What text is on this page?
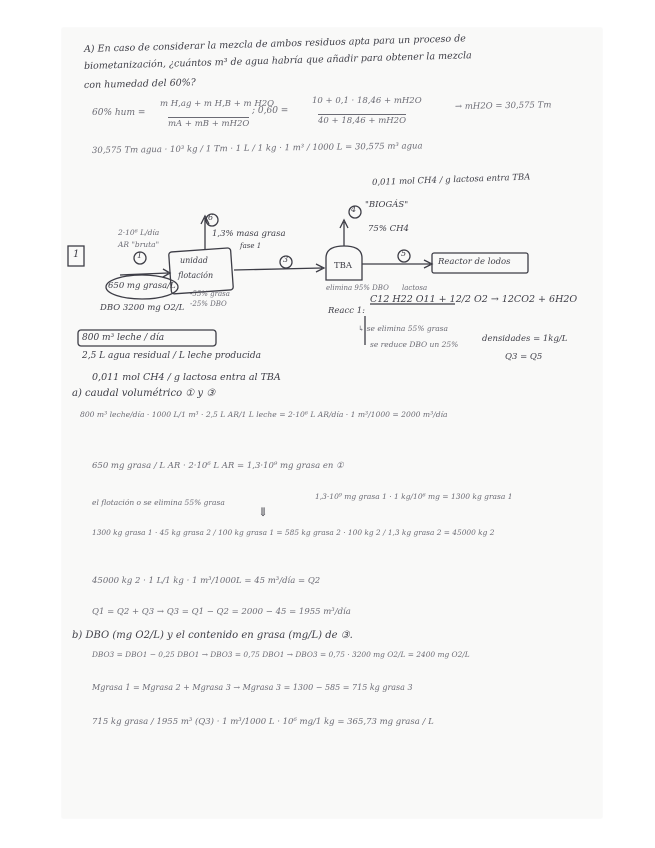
A) En caso de considerar la mezcla de ambos residuos apta para un proceso de
biometanización, ¿cuántos m³ de agua habría que añadir para obtener la mezcla
con humedad del 60%?
60% hum =
m H,ag + m H,B + m H2O
mA + mB + mH2O
; 0,60 =
10 + 0,1 · 18,46 + mH2O
40 + 18,46 + mH2O
→ mH2O = 30,575 Tm
30,575 Tm agua · 10³ kg / 1 Tm · 1 L / 1 kg · 1 m³ / 1000 L = 30,575 m³ agua
0,011 mol CH4 / g lactosa entra TBA
"BIOGÁS"
75% CH4
6
4
1	3
5
1,3% masa grasa
fase 1
unidad
flotación
-55% grasa
-25% DBO
TBA
elimina 95% DBO
Reactor de lodos
1
2·10⁶ L/día
AR "bruta"
650 mg grasa/L
DBO 3200 mg O2/L	Reacc 1:
lactosa
C12 H22 O11 + 12/2 O2 → 12CO2 + 6H2O
↳ se elimina 55% grasa
se reduce DBO un 25%
densidades = 1kg/L
Q3 = Q5
800 m³ leche / día
2,5 L agua residual / L leche producida
0,011 mol CH4 / g lactosa entra al TBA
a) caudal volumétrico ① y ③
800 m³ leche/día · 1000 L/1 m³ · 2,5 L AR/1 L leche = 2·10⁶ L AR/día · 1 m³/1000 = 2000 m³/día
650 mg grasa / L AR · 2·10⁶ L AR = 1,3·10⁹ mg grasa en ①
el flotación o se elimina 55% grasa
1,3·10⁹ mg grasa 1 · 1 kg/10⁶ mg = 1300 kg grasa 1
⇓
1300 kg grasa 1 · 45 kg grasa 2 / 100 kg grasa 1 = 585 kg grasa 2 · 100 kg 2 / 1,3 kg grasa 2 = 45000 kg 2
45000 kg 2 · 1 L/1 kg · 1 m³/1000L = 45 m³/día = Q2
Q1 = Q2 + Q3 → Q3 = Q1 − Q2 = 2000 − 45 = 1955 m³/día
b) DBO (mg O2/L) y el contenido en grasa (mg/L) de ③.
DBO3 = DBO1 − 0,25 DBO1 → DBO3 = 0,75 DBO1 → DBO3 = 0,75 · 3200 mg O2/L = 2400 mg O2/L
Mgrasa 1 = Mgrasa 2 + Mgrasa 3 → Mgrasa 3 = 1300 − 585 = 715 kg grasa 3
715 kg grasa / 1955 m³ (Q3) · 1 m³/1000 L · 10⁶ mg/1 kg = 365,73 mg grasa / L
